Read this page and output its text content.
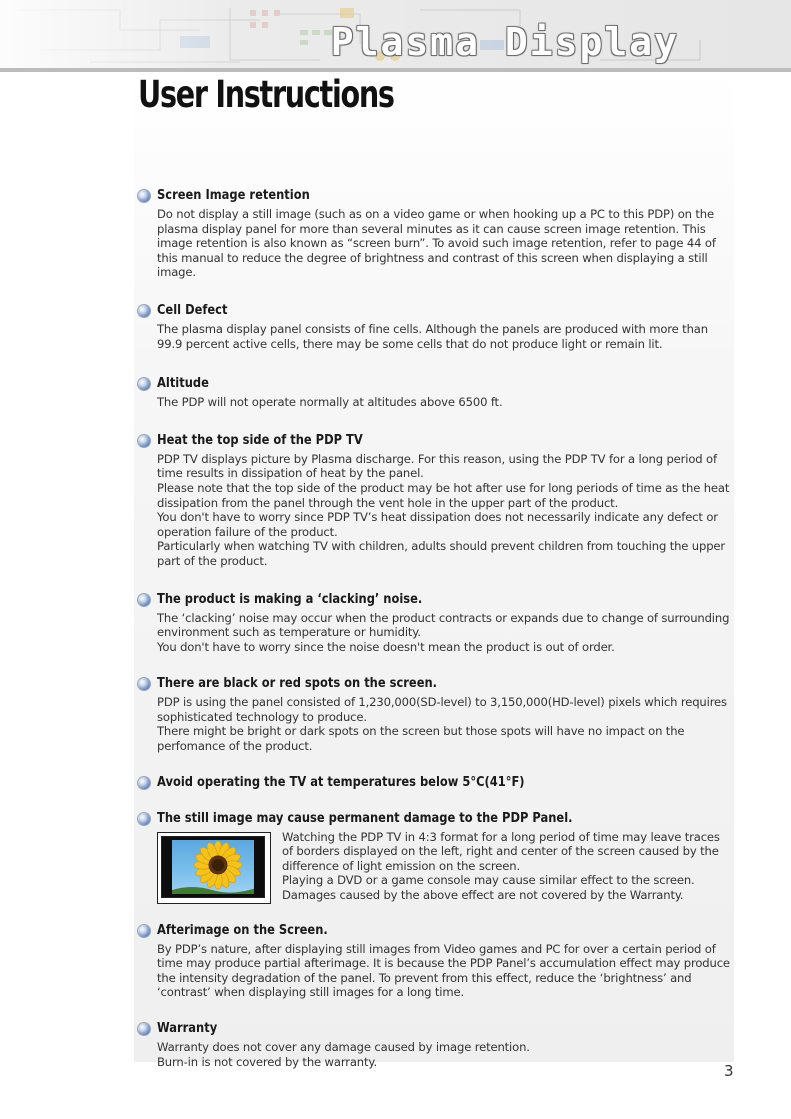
Plasma Display
User Instructions
Screen Image retention

Do not display a still image (such as on a video game or when hooking up a PC to this PDP) on the plasma display panel for more than several minutes as it can cause screen image retention. This image retention is also known as “screen burn”. To avoid such image retention, refer to page 44 of this manual to reduce the degree of brightness and contrast of this screen when displaying a still image.

Cell Defect

The plasma display panel consists of fine cells. Although the panels are produced with more than 99.9 percent active cells, there may be some cells that do not produce light or remain lit.

Altitude

The PDP will not operate normally at altitudes above 6500 ft.

Heat the top side of the PDP TV

PDP TV displays picture by Plasma discharge. For this reason, using the PDP TV for a long period of time results in dissipation of heat by the panel.

Please note that the top side of the product may be hot after use for long periods of time as the heat dissipation from the panel through the vent hole in the upper part of the product.

You don't have to worry since PDP TV’s heat dissipation does not necessarily indicate any defect or operation failure of the product.

Particularly when watching TV with children, adults should prevent children from touching the upper part of the product.

The product is making a ‘clacking’ noise.

The ‘clacking’ noise may occur when the product contracts or expands due to change of surrounding environment such as temperature or humidity.

You don't have to worry since the noise doesn't mean the product is out of order.

There are black or red spots on the screen.

PDP is using the panel consisted of 1,230,000(SD-level) to 3,150,000(HD-level) pixels which requires sophisticated technology to produce.

There might be bright or dark spots on the screen but those spots will have no impact on the perfomance of the product.

Avoid operating the TV at temperatures below 5°C(41°F)
The still image may cause permanent damage to the PDP Panel.

Watching the PDP TV in 4:3 format for a long period of time may leave traces of borders displayed on the left, right and center of the screen caused by the difference of light emission on the screen.

Playing a DVD or a game console may cause similar effect to the screen.

Damages caused by the above effect are not covered by the Warranty.

Afterimage on the Screen.

By PDP’s nature, after displaying still images from Video games and PC for over a certain period of time may produce partial afterimage. It is because the PDP Panel’s accumulation effect may produce the intensity degradation of the panel. To prevent from this effect, reduce the ‘brightness’ and ‘contrast’ when displaying still images for a long time.

Warranty

Warranty does not cover any damage caused by image retention.

Burn-in is not covered by the warranty.

3
